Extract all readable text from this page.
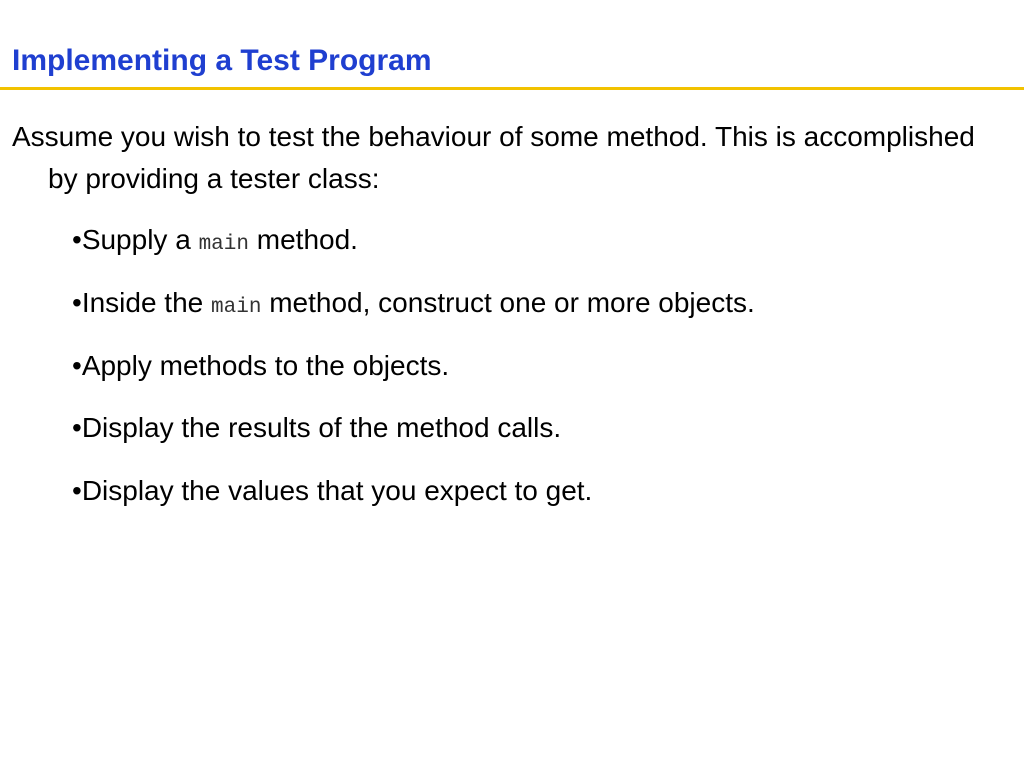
Implementing a Test Program

Assume you wish to test the behaviour of some method. This is accomplished by providing a tester class:

•Supply a main method.
•Inside the main method, construct one or more objects.
•Apply methods to the objects.
•Display the results of the method calls.
•Display the values that you expect to get.
